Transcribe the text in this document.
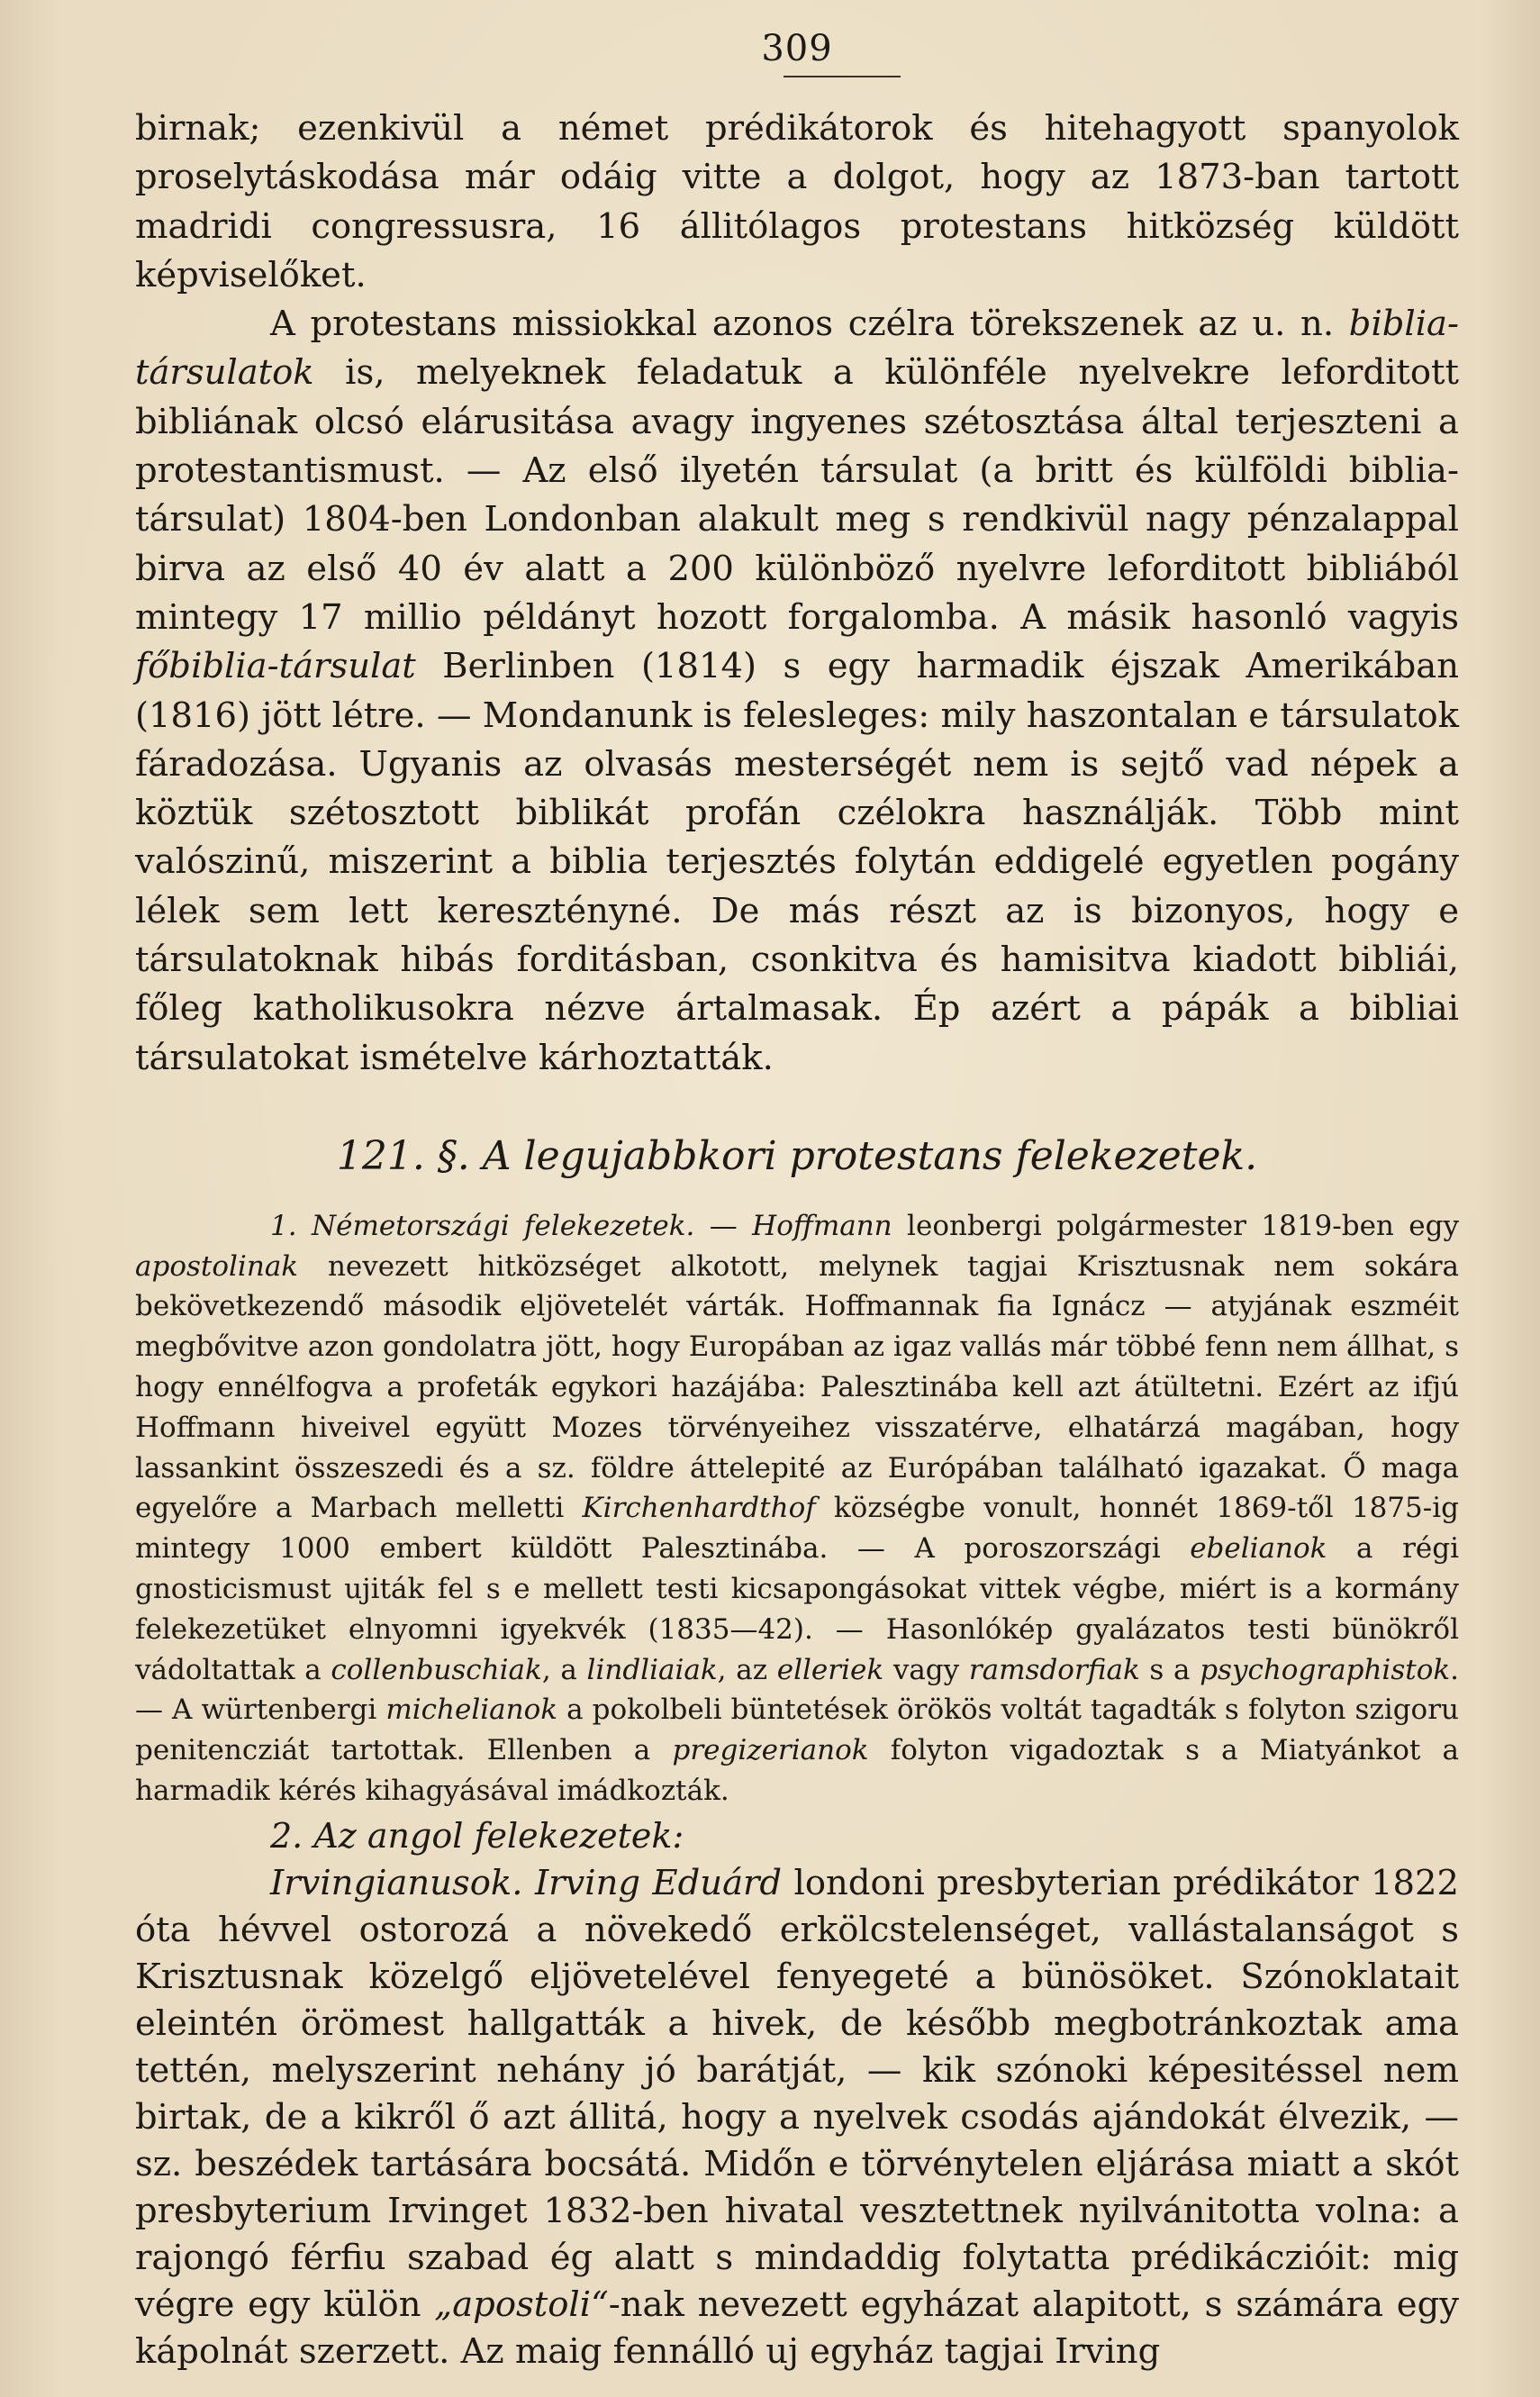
309

birnak; ezenkivül a német prédikátorok és hitehagyott spanyolok proselytáskodása már odáig vitte a dolgot, hogy az 1873-ban tartott madridi congressusra, 16 állitólagos protestans hitközség küldött képviselőket.

A protestans missiokkal azonos czélra törekszenek az u. n. biblia-társulatok is, melyeknek feladatuk a különféle nyelvekre leforditott bibliának olcsó elárusitása avagy ingyenes szétosztása által terjeszteni a protestantismust. — Az első ilyetén társulat (a britt és külföldi biblia-társulat) 1804-ben Londonban alakult meg s rendkivül nagy pénzalappal birva az első 40 év alatt a 200 különböző nyelvre leforditott bibliából mintegy 17 millio példányt hozott forgalomba. A másik hasonló vagyis főbiblia-társulat Berlinben (1814) s egy harmadik éjszak Amerikában (1816) jött létre. — Mondanunk is felesleges: mily haszontalan e társulatok fáradozása. Ugyanis az olvasás mesterségét nem is sejtő vad népek a köztük szétosztott biblikát profán czélokra használják. Több mint valószinű, miszerint a biblia terjesztés folytán eddigelé egyetlen pogány lélek sem lett keresztényné. De más részt az is bizonyos, hogy e társulatoknak hibás forditásban, csonkitva és hamisitva kiadott bibliái, főleg katholikusokra nézve ártalmasak. Ép azért a pápák a bibliai társulatokat ismételve kárhoztatták.

121. §. A legujabbkori protestans felekezetek.

1. Németországi felekezetek. — Hoffmann leonbergi polgármester 1819-ben egy apostolinak nevezett hitközséget alkotott, melynek tagjai Krisztusnak nem sokára bekövetkezendő második eljövetelét várták. Hoffmannak fia Ignácz — atyjának eszméit megbővitve azon gondolatra jött, hogy Europában az igaz vallás már többé fenn nem állhat, s hogy ennélfogva a profeták egykori hazájába: Palesztinába kell azt átültetni. Ezért az ifjú Hoffmann hiveivel együtt Mozes törvényeihez visszatérve, elhatárzá magában, hogy lassankint összeszedi és a sz. földre áttelepité az Európában található igazakat. Ő maga egyelőre a Marbach melletti Kirchenhardthof községbe vonult, honnét 1869-től 1875-ig mintegy 1000 embert küldött Palesztinába. — A poroszországi ebelianok a régi gnosticismust ujiták fel s e mellett testi kicsapongásokat vittek végbe, miért is a kormány felekezetüket elnyomni igyekvék (1835—42). — Hasonlókép gyalázatos testi bünökről vádoltattak a collenbuschiak, a lindliaiak, az elleriek vagy ramsdorfiak s a psychographistok. — A würtenbergi michelianok a pokolbeli büntetések örökös voltát tagadták s folyton szigoru penitencziát tartottak. Ellenben a pregizerianok folyton vigadoztak s a Miatyánkot a harmadik kérés kihagyásával imádkozták.

2. Az angol felekezetek:

Irvingianusok. Irving Eduárd londoni presbyterian prédikátor 1822 óta hévvel ostorozá a növekedő erkölcstelenséget, vallástalanságot s Krisztusnak közelgő eljövetelével fenyegeté a bünösöket. Szónoklatait eleintén örömest hallgatták a hivek, de később megbotránkoztak ama tettén, melyszerint nehány jó barátját, — kik szónoki képesitéssel nem birtak, de a kikről ő azt állitá, hogy a nyelvek csodás ajándokát élvezik, — sz. beszédek tartására bocsátá. Midőn e törvénytelen eljárása miatt a skót presbyterium Irvinget 1832-ben hivatal vesztettnek nyilvánitotta volna: a rajongó férfiu szabad ég alatt s mindaddig folytatta prédikáczióit: mig végre egy külön „apostoli“-nak nevezett egyházat alapitott, s számára egy kápolnát szerzett. Az maig fennálló uj egyház tagjai Irving
